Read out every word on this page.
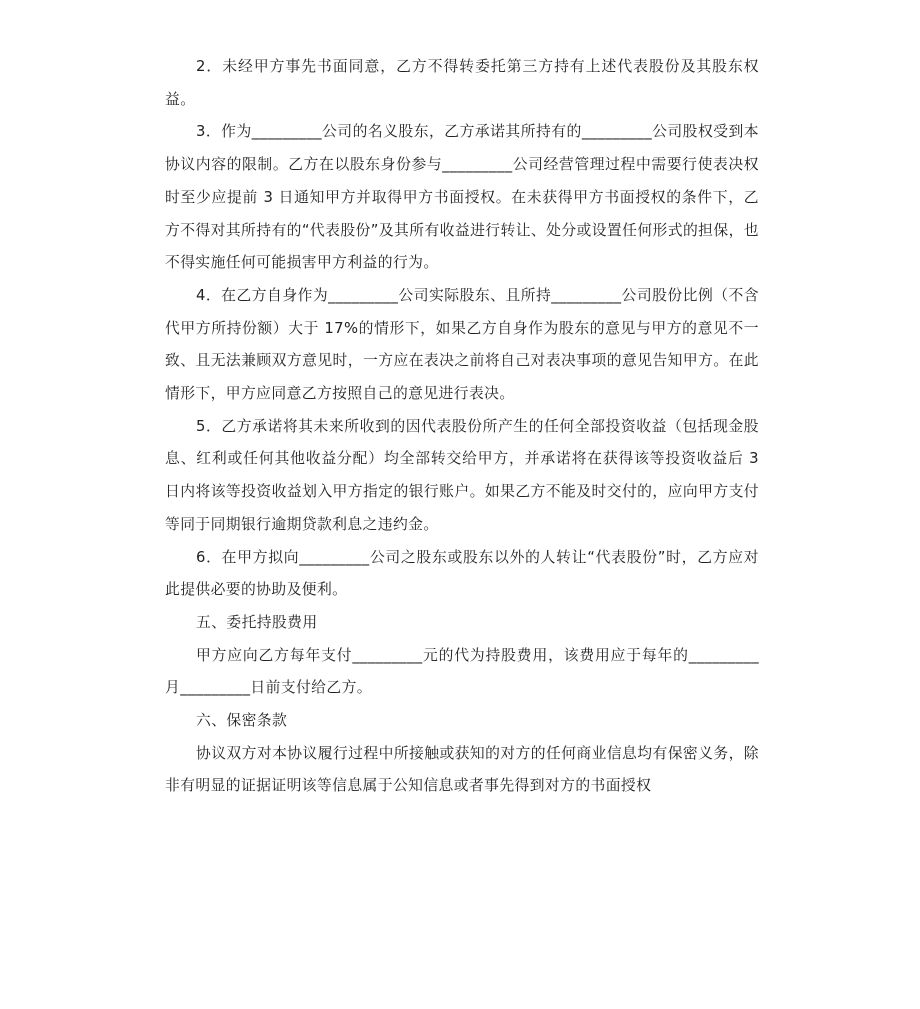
2．未经甲方事先书面同意，乙方不得转委托第三方持有上述代表股份及其股东权益。

3．作为_________公司的名义股东，乙方承诺其所持有的_________公司股权受到本协议内容的限制。乙方在以股东身份参与_________公司经营管理过程中需要行使表决权时至少应提前 3 日通知甲方并取得甲方书面授权。在未获得甲方书面授权的条件下，乙方不得对其所持有的“代表股份”及其所有收益进行转让、处分或设置任何形式的担保，也不得实施任何可能损害甲方利益的行为。

4．在乙方自身作为_________公司实际股东、且所持_________公司股份比例（不含代甲方所持份额）大于 17%的情形下，如果乙方自身作为股东的意见与甲方的意见不一致、且无法兼顾双方意见时，一方应在表决之前将自己对表决事项的意见告知甲方。在此情形下，甲方应同意乙方按照自己的意见进行表决。

5．乙方承诺将其未来所收到的因代表股份所产生的任何全部投资收益（包括现金股息、红利或任何其他收益分配）均全部转交给甲方，并承诺将在获得该等投资收益后 3 日内将该等投资收益划入甲方指定的银行账户。如果乙方不能及时交付的，应向甲方支付等同于同期银行逾期贷款利息之违约金。

6．在甲方拟向_________公司之股东或股东以外的人转让“代表股份”时，乙方应对此提供必要的协助及便利。

五、委托持股费用

甲方应向乙方每年支付_________元的代为持股费用，该费用应于每年的_________月_________日前支付给乙方。

六、保密条款

协议双方对本协议履行过程中所接触或获知的对方的任何商业信息均有保密义务，除非有明显的证据证明该等信息属于公知信息或者事先得到对方的书面授权
